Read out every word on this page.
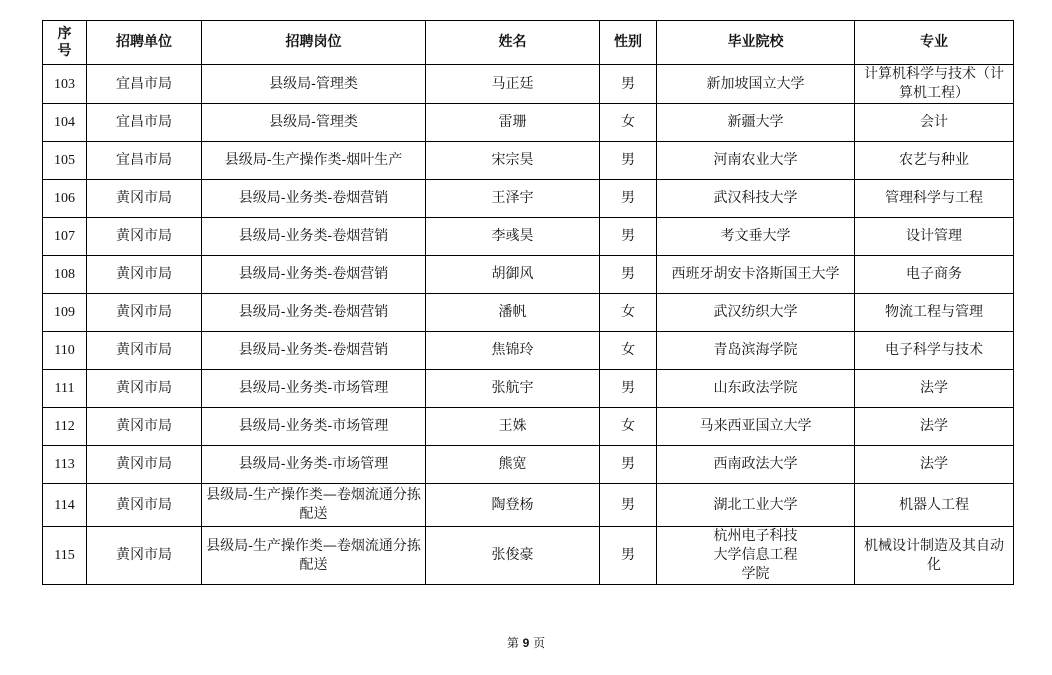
序号	招聘单位	招聘岗位	姓名	性别	毕业院校	专业
103	宜昌市局	县级局-管理类	马正廷	男	新加坡国立大学	计算机科学与技术（计算机工程）
104	宜昌市局	县级局-管理类	雷珊	女	新疆大学	会计
105	宜昌市局	县级局-生产操作类-烟叶生产	宋宗昊	男	河南农业大学	农艺与种业
106	黄冈市局	县级局-业务类-卷烟营销	王泽宇	男	武汉科技大学	管理科学与工程
107	黄冈市局	县级局-业务类-卷烟营销	李彧昊	男	考文垂大学	设计管理
108	黄冈市局	县级局-业务类-卷烟营销	胡御风	男	西班牙胡安卡洛斯国王大学	电子商务
109	黄冈市局	县级局-业务类-卷烟营销	潘帆	女	武汉纺织大学	物流工程与管理
110	黄冈市局	县级局-业务类-卷烟营销	焦锦玲	女	青岛滨海学院	电子科学与技术
111	黄冈市局	县级局-业务类-市场管理	张航宇	男	山东政法学院	法学
112	黄冈市局	县级局-业务类-市场管理	王姝	女	马来西亚国立大学	法学
113	黄冈市局	县级局-业务类-市场管理	熊宽	男	西南政法大学	法学
114	黄冈市局	县级局-生产操作类—卷烟流通分拣配送	陶登杨	男	湖北工业大学	机器人工程
115	黄冈市局	县级局-生产操作类—卷烟流通分拣配送	张俊豪	男	杭州电子科技大学信息工程学院	机械设计制造及其自动化
第 9 页
